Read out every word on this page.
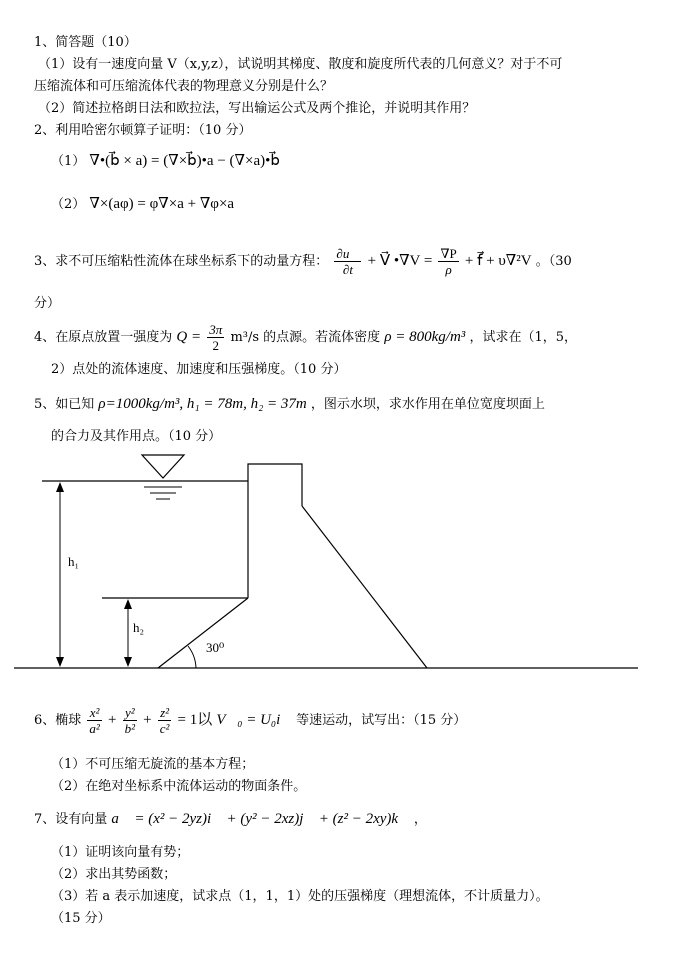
1、简答题（10）
（1）设有一速度向量 V（x,y,z），试说明其梯度、散度和旋度所代表的几何意义？对于不可
压缩流体和可压缩流体代表的物理意义分别是什么？
（2）简述拉格朗日法和欧拉法，写出输运公式及两个推论，并说明其作用？
2、利用哈密尔顿算子证明：（10 分）
（1） ∇•(b⃗ × a) = (∇×b⃗)•a − (∇×a)•b⃗
（2） ∇×(aφ) = φ∇×a + ∇φ×a
3、求不可压缩粘性流体在球坐标系下的动量方程： $\frac{\partial u⃗}{\partial t}$ + V⃗ •∇V = $\frac{\nabla P}{\rho}$ + f⃗ + υ∇²V 。（30
分）
4、在原点放置一强度为 $Q = \frac{3\pi}{2} m^3/s$ 的点源。若流体密度 ρ = 800kg/m³ ，试求在（1，5，
2）点处的流体速度、加速度和压强梯度。（10 分）
5、如已知 ρ=1000kg/m³, h₁ = 78m, h₂ = 37m ，图示水坝，求水作用在单位宽度坝面上
的合力及其作用点。（10 分）
h₁
h₂
30⁰
6、椭球 $\frac{\text{x²}}{\text{a²}} + \frac{\text{y²}}{\text{b²}} + \frac{\text{z²}}{\text{c²}} = 1$以 V⃗₀ = U₀i⃗ 等速运动，试写出：（15 分）
（1）不可压缩无旋流的基本方程；
（2）在绝对坐标系中流体运动的物面条件。
7、设有向量 a⃗ = (x² − 2yz)i⃗ + (y² − 2xz)j⃗ + (z² − 2xy)k⃗ ，
（1）证明该向量有势；
（2）求出其势函数；
（3）若 a 表示加速度，试求点（1，1，1）处的压强梯度（理想流体，不计质量力）。
（15 分）
